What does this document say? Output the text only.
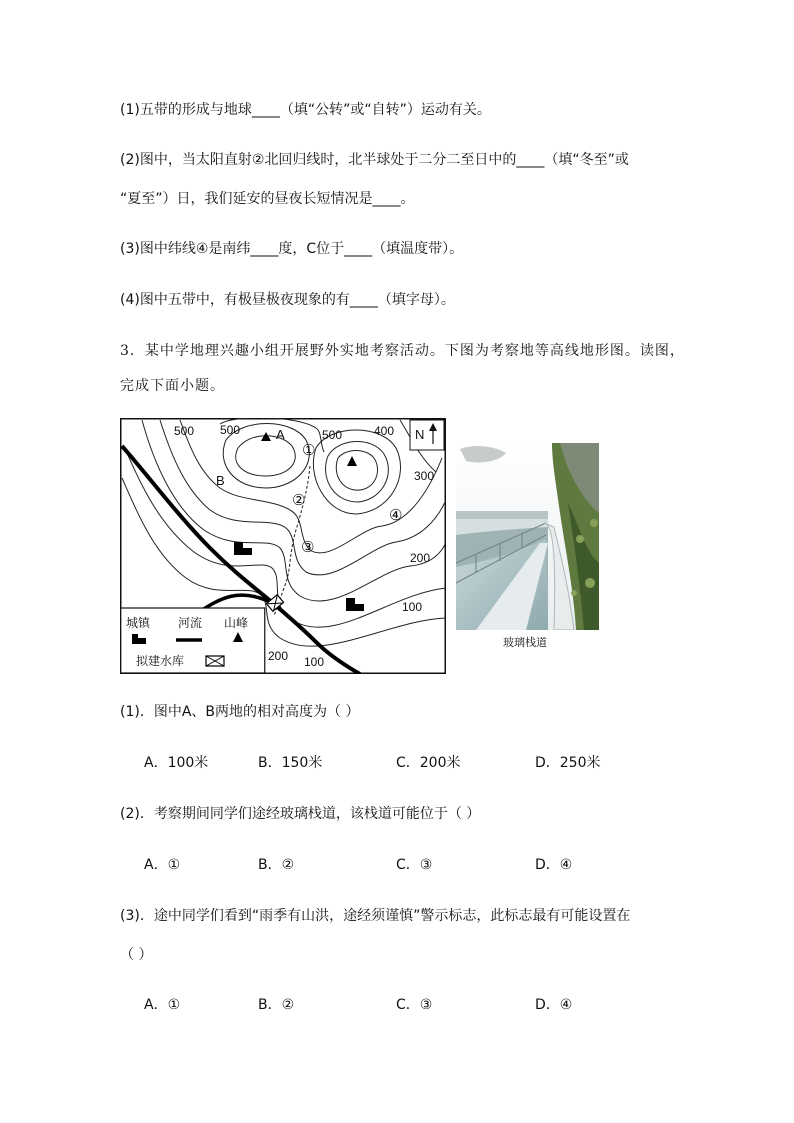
(1)五带的形成与地球____（填“公转”或“自转”）运动有关。
(2)图中，当太阳直射②北回归线时，北半球处于二分二至日中的____（填“冬至”或
“夏至”）日，我们延安的昼夜长短情况是____。
(3)图中纬线④是南纬____度，C位于____（填温度带）。
(4)图中五带中，有极昼极夜现象的有____（填字母）。
3．某中学地理兴趣小组开展野外实地考察活动。下图为考察地等高线地形图。读图，
完成下面小题。
A
B
500 500	500	400
300
200
100
200 100
①
②
③
④
N
城镇 河流 山峰
拟建水库
玻璃栈道
(1)．图中A、B两地的相对高度为（ ）
A．100米	B．150米	C．200米	D．250米
(2)．考察期间同学们途经玻璃栈道，该栈道可能位于（ ）
A．①	B．②	C．③	D．④
(3)．途中同学们看到“雨季有山洪，途经须谨慎”警示标志，此标志最有可能设置在
（ ）
A．①	B．②	C．③	D．④
